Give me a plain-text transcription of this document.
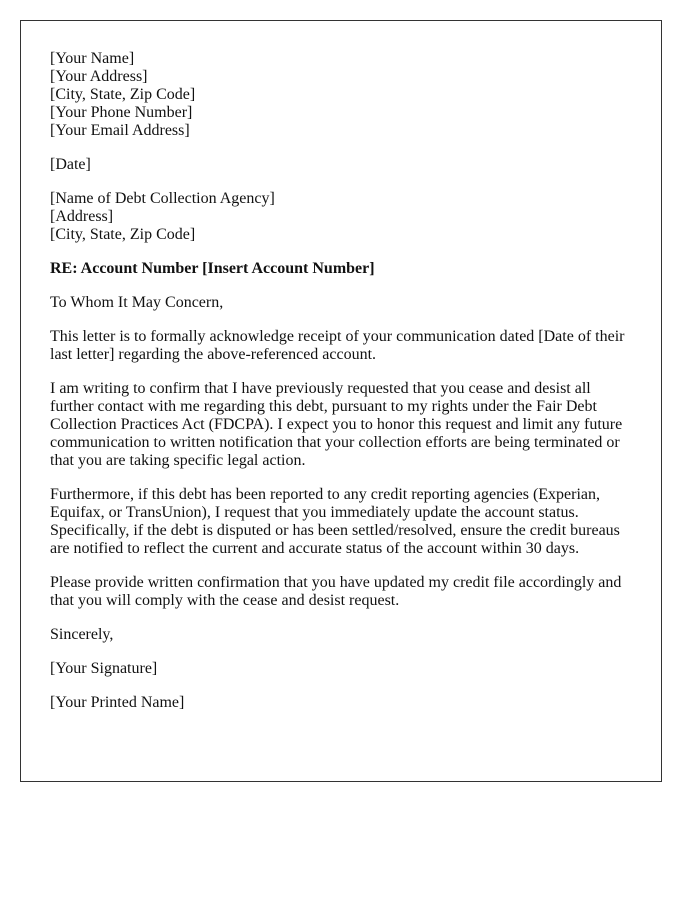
[Your Name]
[Your Address]
[City, State, Zip Code]
[Your Phone Number]
[Your Email Address]

[Date]

[Name of Debt Collection Agency]
[Address]
[City, State, Zip Code]

RE: Account Number [Insert Account Number]

To Whom It May Concern,

This letter is to formally acknowledge receipt of your communication dated [Date of their last letter] regarding the above-referenced account.

I am writing to confirm that I have previously requested that you cease and desist all further contact with me regarding this debt, pursuant to my rights under the Fair Debt Collection Practices Act (FDCPA). I expect you to honor this request and limit any future communication to written notification that your collection efforts are being terminated or that you are taking specific legal action.

Furthermore, if this debt has been reported to any credit reporting agencies (Experian, Equifax, or TransUnion), I request that you immediately update the account status. Specifically, if the debt is disputed or has been settled/resolved, ensure the credit bureaus are notified to reflect the current and accurate status of the account within 30 days.

Please provide written confirmation that you have updated my credit file accordingly and that you will comply with the cease and desist request.

Sincerely,

[Your Signature]

[Your Printed Name]
